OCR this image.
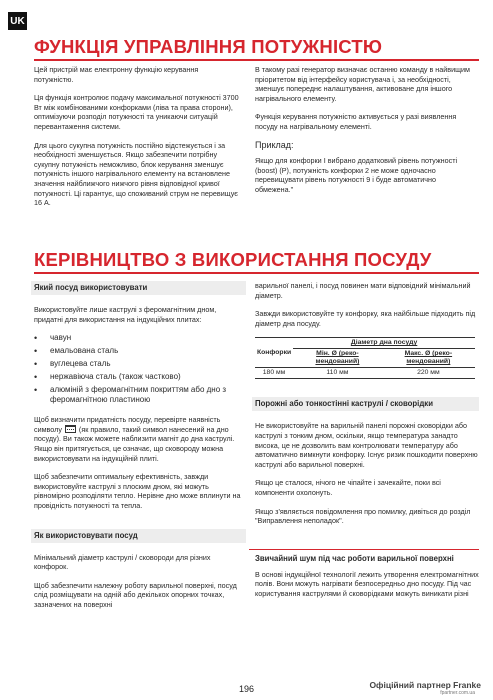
UK
ФУНКЦІЯ УПРАВЛІННЯ ПОТУЖНІСТЮ

Цей пристрій має електронну функцію керування потужністю.

Ця функція контролює подачу максимальної потужності 3700 Вт між комбінованими конфорками (ліва та права сторони), оптимізуючи розподіл потужності та уникаючи ситуацій перевантаження системи.

Для цього сукупна потужність постійно відстежується і за необхідності зменшується. Якщо забезпечити потрібну сукупну потужність неможливо, блок керування зменшує потужність іншого нагрівального елементу на встановлене значення найближчого нижчого рівня відповідної кривої потужності. Ці гарантує, що споживаний струм не перевищує 16 А.

В такому разі генератор визначає останню команду в найвищим пріоритетом від інтерфейсу користувача і, за необхідності, зменшує попереднє налаштування, активоване для іншого нагрівального елементу.

Функція керування потужністю активується у разі виявлення посуду на нагрівальному елементі.

Приклад:

Якщо для конфорки I вибрано додатковий рівень потужності (boost) (P), потужність конфорки 2 не може одночасно перевищувати рівень потужності 9 і буде автоматично обмежена."

КЕРІВНИЦТВО З ВИКОРИСТАННЯ ПОСУДУ
Який посуд використовувати

Використовуйте лише каструлі з феромагнітним дном, придатні для використання на індукційних плитах:

• чавун
• емальована сталь
• вуглецева сталь
• нержавіюча сталь (також частково)
• алюміній з феромагнітним покриттям або дно з феромагнітною пластиною

Щоб визначити придатність посуду, перевірте наявність символу (як правило, такий символ нанесений на дно посуду). Ви також можете наблизити магніт до дна каструлі. Якщо він притягується, це означає, що сковороду можна використовувати на індукційній плиті.

Щоб забезпечити оптимальну ефективність, завжди використовуйте каструлі з плоским дном, які можуть рівномірно розподіляти тепло. Нерівне дно може вплинути на провідність потужності та тепла.

Як використовувати посуд

Мінімальний діаметр каструлі / сковороди для різних конфорок.

Щоб забезпечити належну роботу варильної поверхні, посуд слід розміщувати на одній або декількох опорних точках, зазначених на поверхні

варильної панелі, і посуд повинен мати відповідний мінімальний діаметр.

Завжди використовуйте ту конфорку, яка найбільше підходить під діаметр дна посуду.

Конфорки	Діаметр дна посуду	
	Мін. Ø (реко-мендований)	Макс. Ø (реко-мендований)
180 мм	110 мм	220 мм
Порожні або тонкостінні каструлі / сковорідки

Не використовуйте на варильній панелі порожні сковорідки або каструлі з тонким дном, оскільки, якщо температура занадто висока, це не дозволить вам контролювати температуру або автоматично вимкнути конфорку. Існує ризик пошкодити поверхню каструлі або варильної поверхні.

Якщо це сталося, нічого не чіпайте і зачекайте, поки всі компоненти охолонуть.

Якщо з'являється повідомлення про помилку, дивіться до розділ "Виправлення неполадок".

Звичайний шум під час роботи варильної поверхні

В основі індукційної технології лежить утворення електромагнітних полів. Вони можуть нагрівати безпосередньо дно посуду. Під час користування каструлями й сковорідками можуть виникати різні

196	Офіційний партнер Franke
fpartner.com.ua
